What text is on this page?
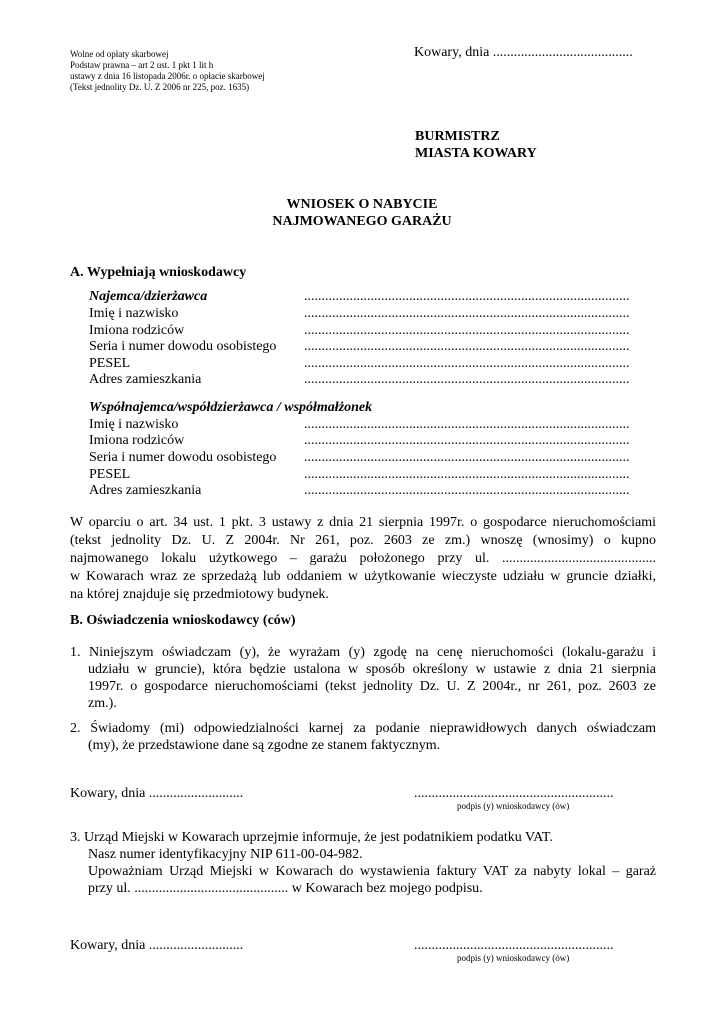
Wolne od opłaty skarbowej
Podstaw prawna – art 2 ust. 1 pkt 1 lit h
ustawy z dnia 16 listopada 2006r. o opłacie skarbowej
(Tekst jednolity Dz. U. Z 2006 nr 225, poz. 1635)
Kowary, dnia ........................................
BURMISTRZ
MIASTA KOWARY
WNIOSEK O NABYCIE
NAJMOWANEGO GARAŻU
A. Wypełniają wnioskodawcy
Najemca/dzierżawca	.............................................................................................
Imię i nazwisko	.............................................................................................
Imiona rodziców	.............................................................................................
Seria i numer dowodu osobistego .............................................................................................
PESEL	.............................................................................................
Adres zamieszkania	.............................................................................................
Współnajemca/współdzierżawca / współmałżonek
Imię i nazwisko	.............................................................................................
Imiona rodziców	.............................................................................................
Seria i numer dowodu osobistego .............................................................................................
PESEL	.............................................................................................
Adres zamieszkania	.............................................................................................
W oparciu o art. 34 ust. 1 pkt. 3 ustawy z dnia 21 sierpnia 1997r. o gospodarce nieruchomościami
(tekst jednolity Dz. U. Z 2004r. Nr 261, poz. 2603 ze zm.) wnoszę (wnosimy) o kupno
najmowanego lokalu użytkowego – garażu położonego przy ul. ............................................
w Kowarach wraz ze sprzedażą lub oddaniem w użytkowanie wieczyste udziału w gruncie działki,
na której znajduje się przedmiotowy budynek.
B. Oświadczenia wnioskodawcy (ców)
1. Niniejszym oświadczam (y), że wyrażam (y) zgodę na cenę nieruchomości (lokalu-garażu i
udziału w gruncie), która będzie ustalona w sposób określony w ustawie z dnia 21 sierpnia
1997r. o gospodarce nieruchomościami (tekst jednolity Dz. U. Z 2004r., nr 261, poz. 2603 ze
zm.).
2. Świadomy (mi) odpowiedzialności karnej za podanie nieprawidłowych danych oświadczam
(my), że przedstawione dane są zgodne ze stanem faktycznym.
Kowary, dnia ...........................	.........................................................
podpis (y) wnioskodawcy (ów)
3. Urząd Miejski w Kowarach uprzejmie informuje, że jest podatnikiem podatku VAT.
Nasz numer identyfikacyjny NIP 611-00-04-982.
Upoważniam Urząd Miejski w Kowarach do wystawienia faktury VAT za nabyty lokal – garaż
przy ul. ............................................ w Kowarach bez mojego podpisu.
Kowary, dnia ...........................	.........................................................
podpis (y) wnioskodawcy (ów)
